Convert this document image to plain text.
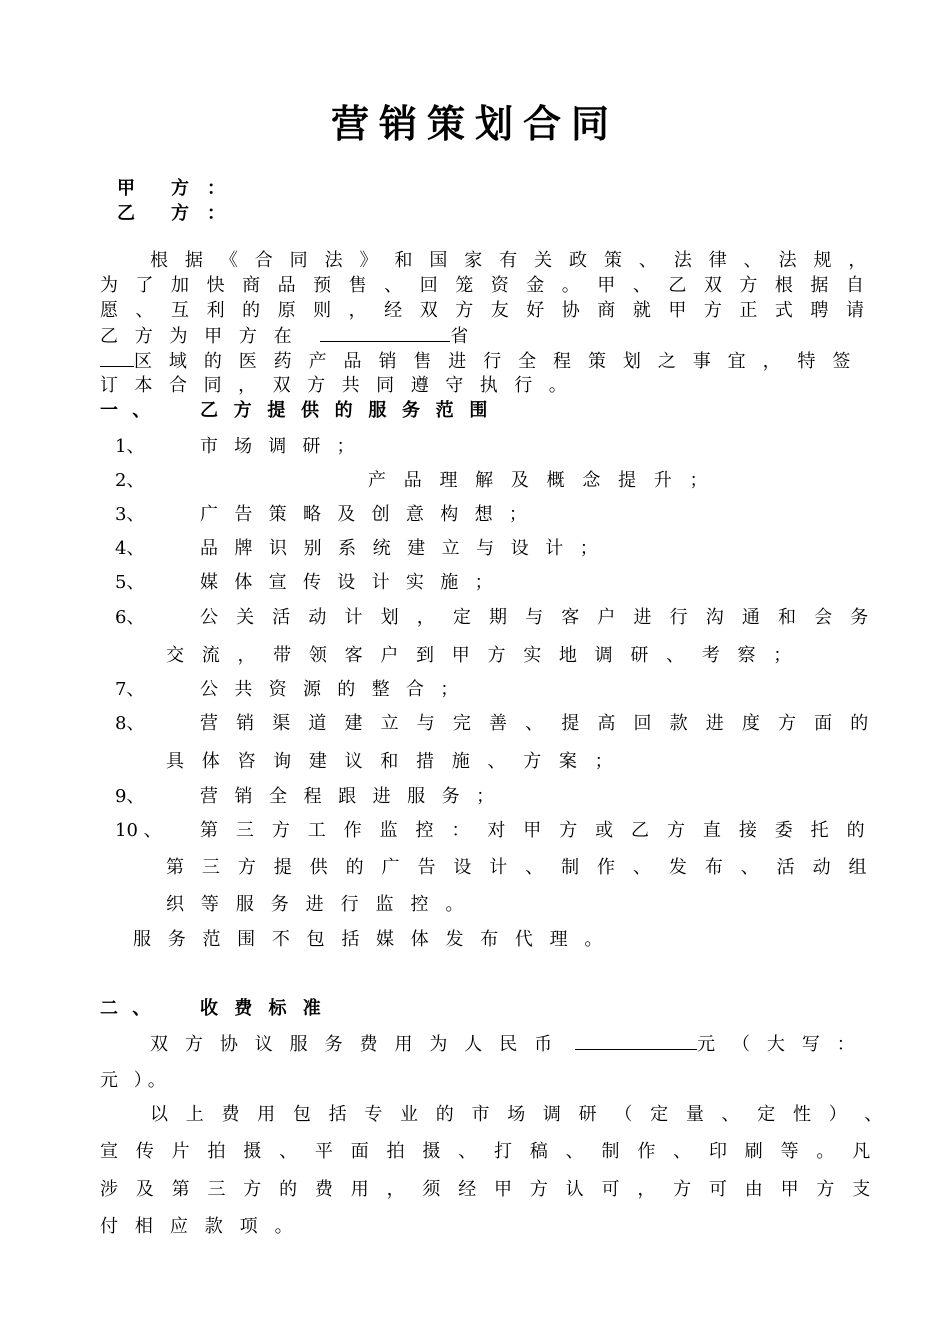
营销策划合同
甲　　方　：
乙　　方　：
根 据 《 合 同 法 》 和 国 家 有 关 政 策 、 法 律 、 法 规 ，
为 了 加 快 商 品 预 售 、 回 笼 资 金 。 甲 、 乙 双 方 根 据 自
愿 、 互 利 的 原 则 ， 经 双 方 友 好 协 商 就 甲 方 正 式 聘 请
乙 方 为 甲 方 在	省
区 域 的 医 药 产 品 销 售 进 行 全 程 策 划 之 事 宜 ， 特 签
订 本 合 同 ， 双 方 共 同 遵 守 执 行 。
一 、	乙 方 提 供 的 服 务 范 围
1、	市 场 调 研 ；
2、	产 品 理 解 及 概 念 提 升 ；
3、	广 告 策 略 及 创 意 构 想 ；
4、	品 牌 识 别 系 统 建 立 与 设 计 ；
5、	媒 体 宣 传 设 计 实 施 ；
6、	公 关 活 动 计 划 ， 定 期 与 客 户 进 行 沟 通 和 会 务
交 流 ， 带 领 客 户 到 甲 方 实 地 调 研 、 考 察 ；
7、	公 共 资 源 的 整 合 ；
8、	营 销 渠 道 建 立 与 完 善 、 提 高 回 款 进 度 方 面 的
具 体 咨 询 建 议 和 措 施 、 方 案 ；
9、	营 销 全 程 跟 进 服 务 ；
10 、 第 三 方 工 作 监 控 ： 对 甲 方 或 乙 方 直 接 委 托 的
第 三 方 提 供 的 广 告 设 计 、 制 作 、 发 布 、 活 动 组
织 等 服 务 进 行 监 控 。
服 务 范 围 不 包 括 媒 体 发 布 代 理 。
二 、	收 费 标 准
双 方 协 议 服 务 费 用 为 人 民 币	元 （ 大 写 ：
元 ）。
以 上 费 用 包 括 专 业 的 市 场 调 研 （ 定 量 、 定 性 ） 、
宣 传 片 拍 摄 、 平 面 拍 摄 、 打 稿 、 制 作 、 印 刷 等 。 凡
涉 及 第 三 方 的 费 用 ， 须 经 甲 方 认 可 ， 方 可 由 甲 方 支
付 相 应 款 项 。
